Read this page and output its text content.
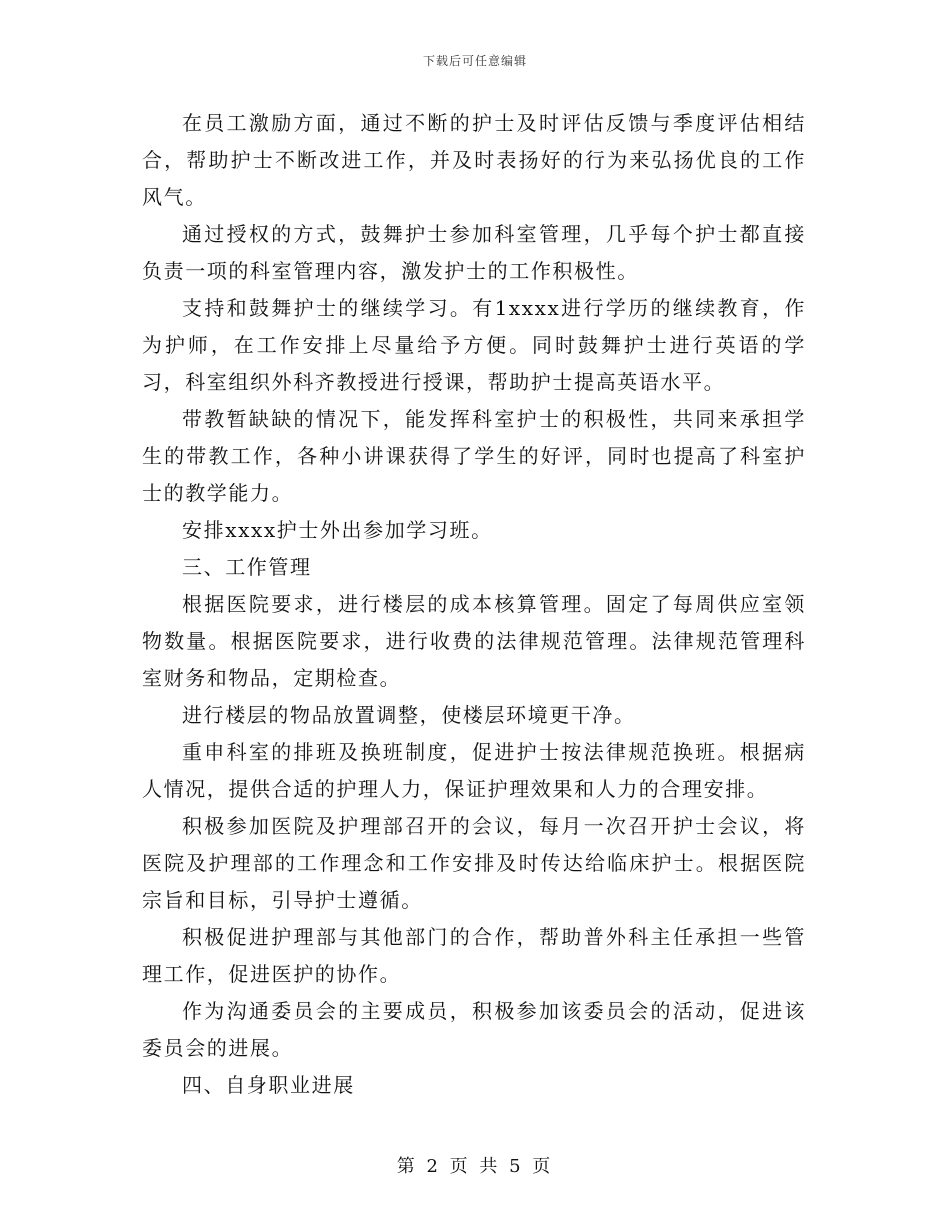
下载后可任意编辑

在员工激励方面，通过不断的护士及时评估反馈与季度评估相结合，帮助护士不断改进工作，并及时表扬好的行为来弘扬优良的工作风气。

通过授权的方式，鼓舞护士参加科室管理，几乎每个护士都直接负责一项的科室管理内容，激发护士的工作积极性。

支持和鼓舞护士的继续学习。有1xxxx进行学历的继续教育，作为护师，在工作安排上尽量给予方便。同时鼓舞护士进行英语的学习，科室组织外科齐教授进行授课，帮助护士提高英语水平。

带教暂缺缺的情况下，能发挥科室护士的积极性，共同来承担学生的带教工作，各种小讲课获得了学生的好评，同时也提高了科室护士的教学能力。

安排xxxx护士外出参加学习班。

三、工作管理

根据医院要求，进行楼层的成本核算管理。固定了每周供应室领物数量。根据医院要求，进行收费的法律规范管理。法律规范管理科室财务和物品，定期检查。

进行楼层的物品放置调整，使楼层环境更干净。

重申科室的排班及换班制度，促进护士按法律规范换班。根据病人情况，提供合适的护理人力，保证护理效果和人力的合理安排。

积极参加医院及护理部召开的会议，每月一次召开护士会议，将医院及护理部的工作理念和工作安排及时传达给临床护士。根据医院宗旨和目标，引导护士遵循。

积极促进护理部与其他部门的合作，帮助普外科主任承担一些管理工作，促进医护的协作。

作为沟通委员会的主要成员，积极参加该委员会的活动，促进该委员会的进展。

四、自身职业进展

第 2 页 共 5 页
